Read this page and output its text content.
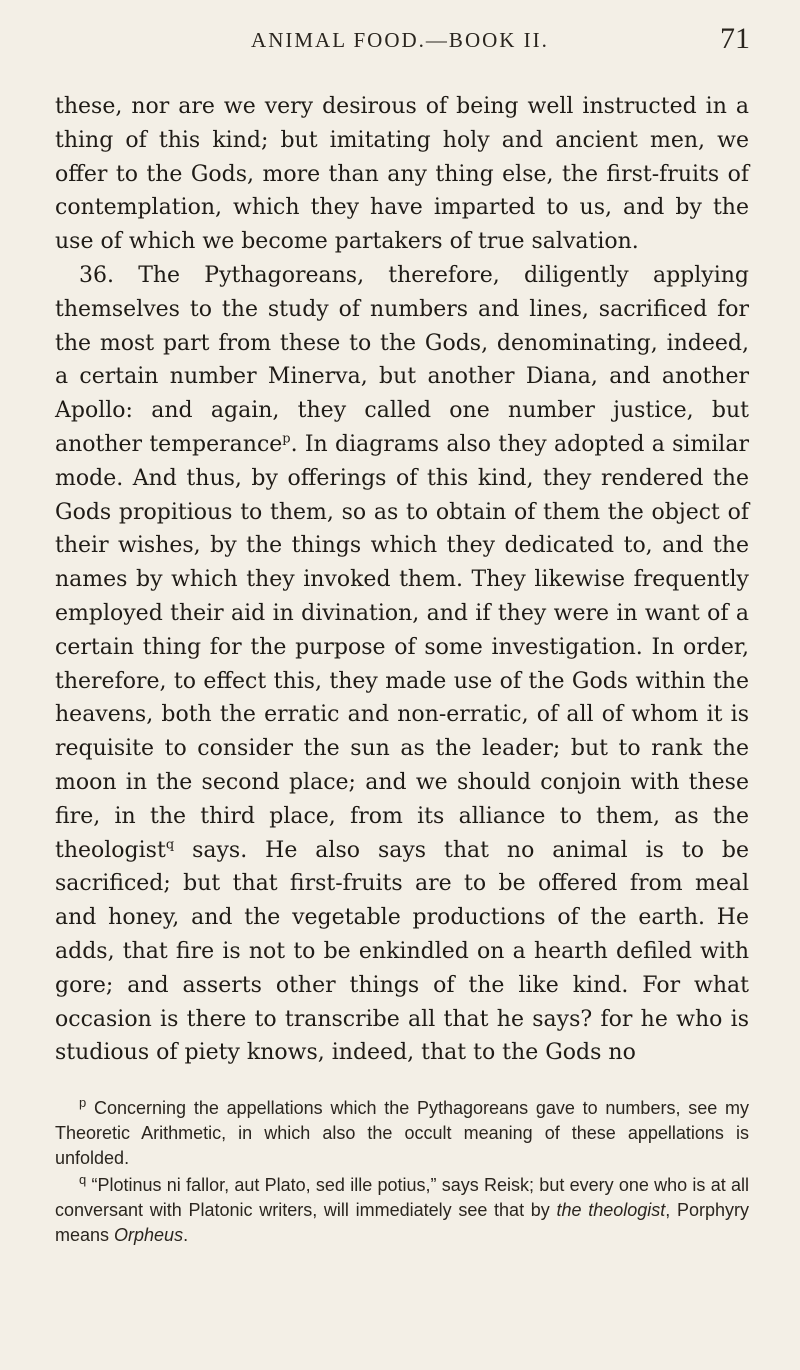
ANIMAL FOOD.—BOOK II.	71

these, nor are we very desirous of being well instructed in a thing of this kind; but imitating holy and ancient men, we offer to the Gods, more than any thing else, the first-fruits of contemplation, which they have imparted to us, and by the use of which we become partakers of true salvation.

36. The Pythagoreans, therefore, diligently applying themselves to the study of numbers and lines, sacrificed for the most part from these to the Gods, denominating, indeed, a certain number Minerva, but another Diana, and another Apollo: and again, they called one number justice, but another temperance$^p$. In diagrams also they adopted a similar mode. And thus, by offerings of this kind, they rendered the Gods propitious to them, so as to obtain of them the object of their wishes, by the things which they dedicated to, and the names by which they invoked them. They likewise frequently employed their aid in divination, and if they were in want of a certain thing for the purpose of some investigation. In order, therefore, to effect this, they made use of the Gods within the heavens, both the erratic and non-erratic, of all of whom it is requisite to consider the sun as the leader; but to rank the moon in the second place; and we should conjoin with these fire, in the third place, from its alliance to them, as the theologist$^q$ says. He also says that no animal is to be sacrificed; but that first-fruits are to be offered from meal and honey, and the vegetable productions of the earth. He adds, that fire is not to be enkindled on a hearth defiled with gore; and asserts other things of the like kind. For what occasion is there to transcribe all that he says? for he who is studious of piety knows, indeed, that to the Gods no

$^p$ Concerning the appellations which the Pythagoreans gave to numbers, see my Theoretic Arithmetic, in which also the occult meaning of these appellations is unfolded.

$^q$ “Plotinus ni fallor, aut Plato, sed ille potius,” says Reisk; but every one who is at all conversant with Platonic writers, will immediately see that by the theologist, Porphyry means Orpheus.
